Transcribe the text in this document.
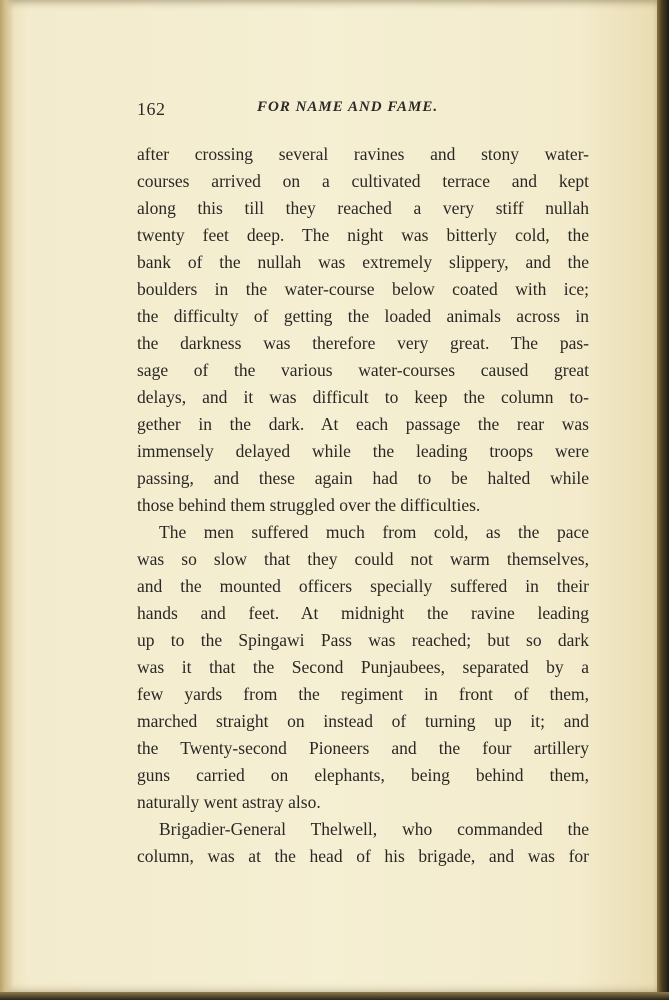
162	FOR NAME AND FAME.
after crossing several ravines and stony water-
courses arrived on a cultivated terrace and kept
along this till they reached a very stiff nullah
twenty feet deep. The night was bitterly cold, the
bank of the nullah was extremely slippery, and the
boulders in the water-course below coated with ice;
the difficulty of getting the loaded animals across in
the darkness was therefore very great. The pas-
sage of the various water-courses caused great
delays, and it was difficult to keep the column to-
gether in the dark. At each passage the rear was
immensely delayed while the leading troops were
passing, and these again had to be halted while
those behind them struggled over the difficulties.
The men suffered much from cold, as the pace
was so slow that they could not warm themselves,
and the mounted officers specially suffered in their
hands and feet. At midnight the ravine leading
up to the Spingawi Pass was reached; but so dark
was it that the Second Punjaubees, separated by a
few yards from the regiment in front of them,
marched straight on instead of turning up it; and
the Twenty-second Pioneers and the four artillery
guns carried on elephants, being behind them,
naturally went astray also.
Brigadier-General Thelwell, who commanded the
column, was at the head of his brigade, and was for
